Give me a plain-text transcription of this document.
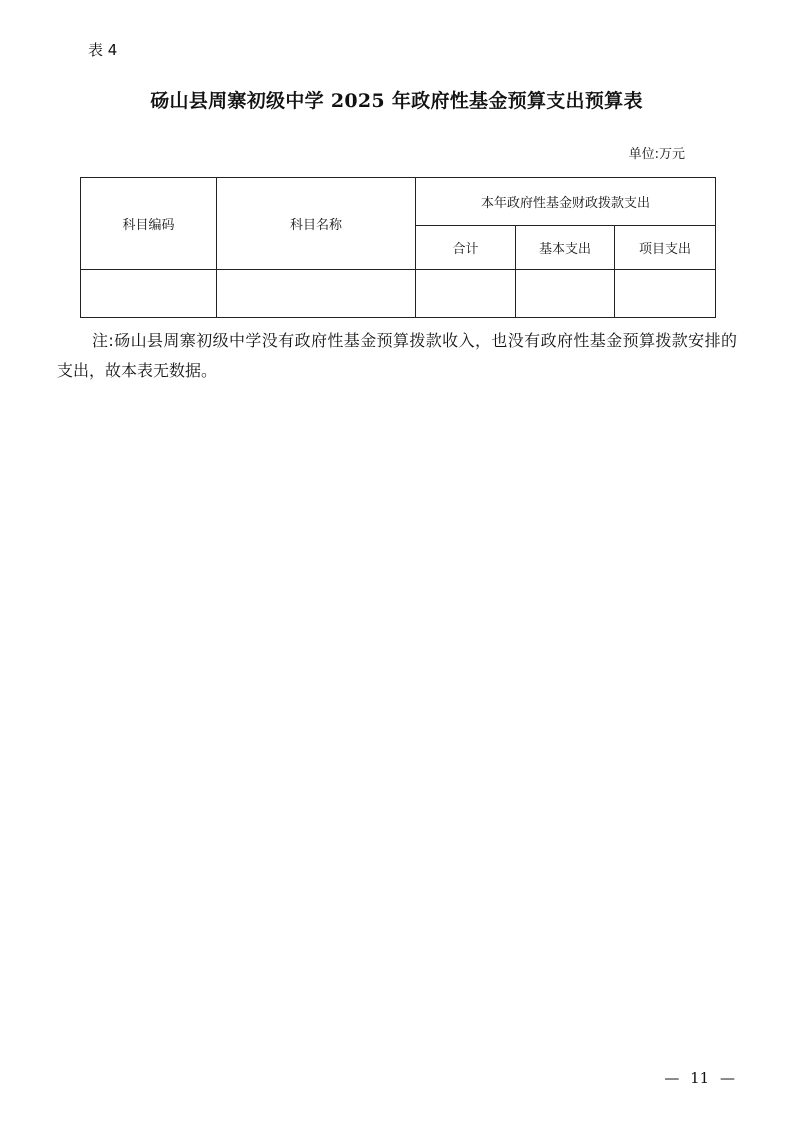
表 4
砀山县周寨初级中学 2025 年政府性基金预算支出预算表
单位:万元
科目编码	科目名称	本年政府性基金财政拨款支出		
		合计	基本支出	项目支出

注:砀山县周寨初级中学没有政府性基金预算拨款收入，也没有政府性基金预算拨款安排的支出，故本表无数据。
— 11 —
